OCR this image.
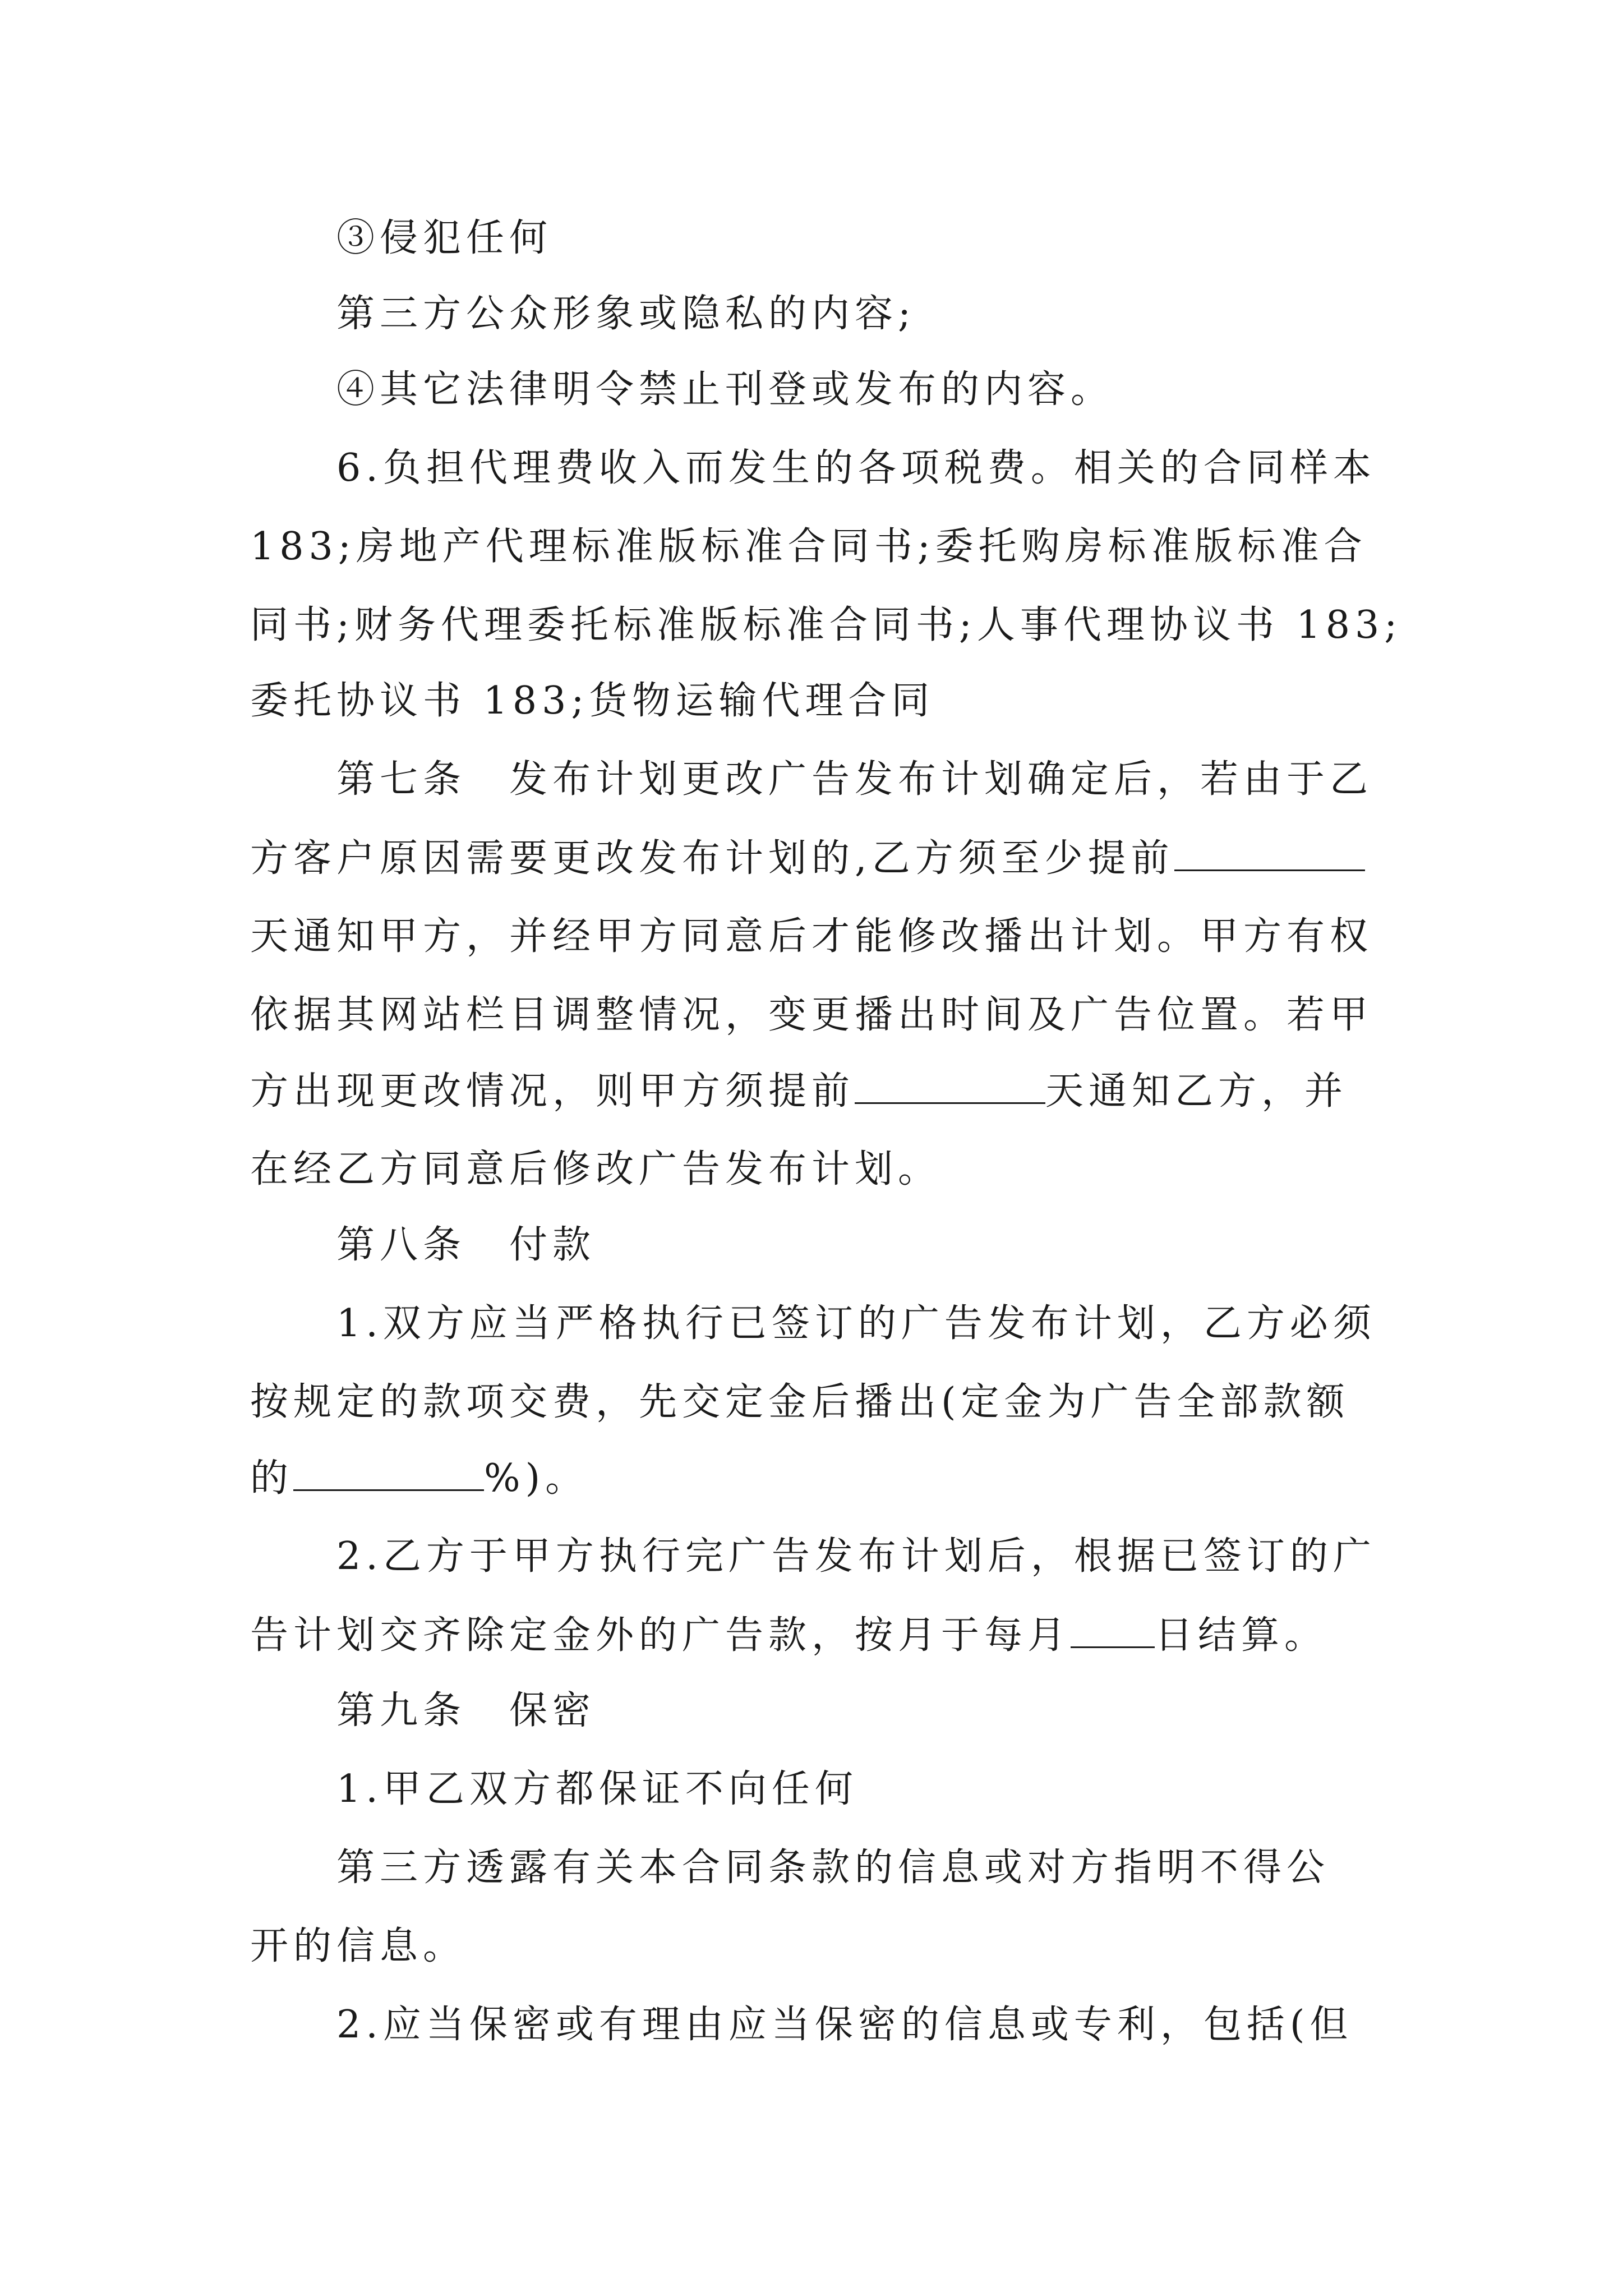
③侵犯任何
第三方公众形象或隐私的内容;
④其它法律明令禁止刊登或发布的内容。
6.负担代理费收入而发生的各项税费。相关的合同样本
183;房地产代理标准版标准合同书;委托购房标准版标准合
同书;财务代理委托标准版标准合同书;人事代理协议书 183;
委托协议书 183;货物运输代理合同
第七条　发布计划更改广告发布计划确定后，若由于乙
方客户原因需要更改发布计划的,乙方须至少提前
天通知甲方，并经甲方同意后才能修改播出计划。甲方有权
依据其网站栏目调整情况，变更播出时间及广告位置。若甲
方出现更改情况，则甲方须提前	天通知乙方，并
在经乙方同意后修改广告发布计划。
第八条　付款
1.双方应当严格执行已签订的广告发布计划，乙方必须
按规定的款项交费，先交定金后播出(定金为广告全部款额
的	%)。
2.乙方于甲方执行完广告发布计划后，根据已签订的广
告计划交齐除定金外的广告款，按月于每月 日结算。
第九条　保密
1.甲乙双方都保证不向任何
第三方透露有关本合同条款的信息或对方指明不得公
开的信息。
2.应当保密或有理由应当保密的信息或专利，包括(但
